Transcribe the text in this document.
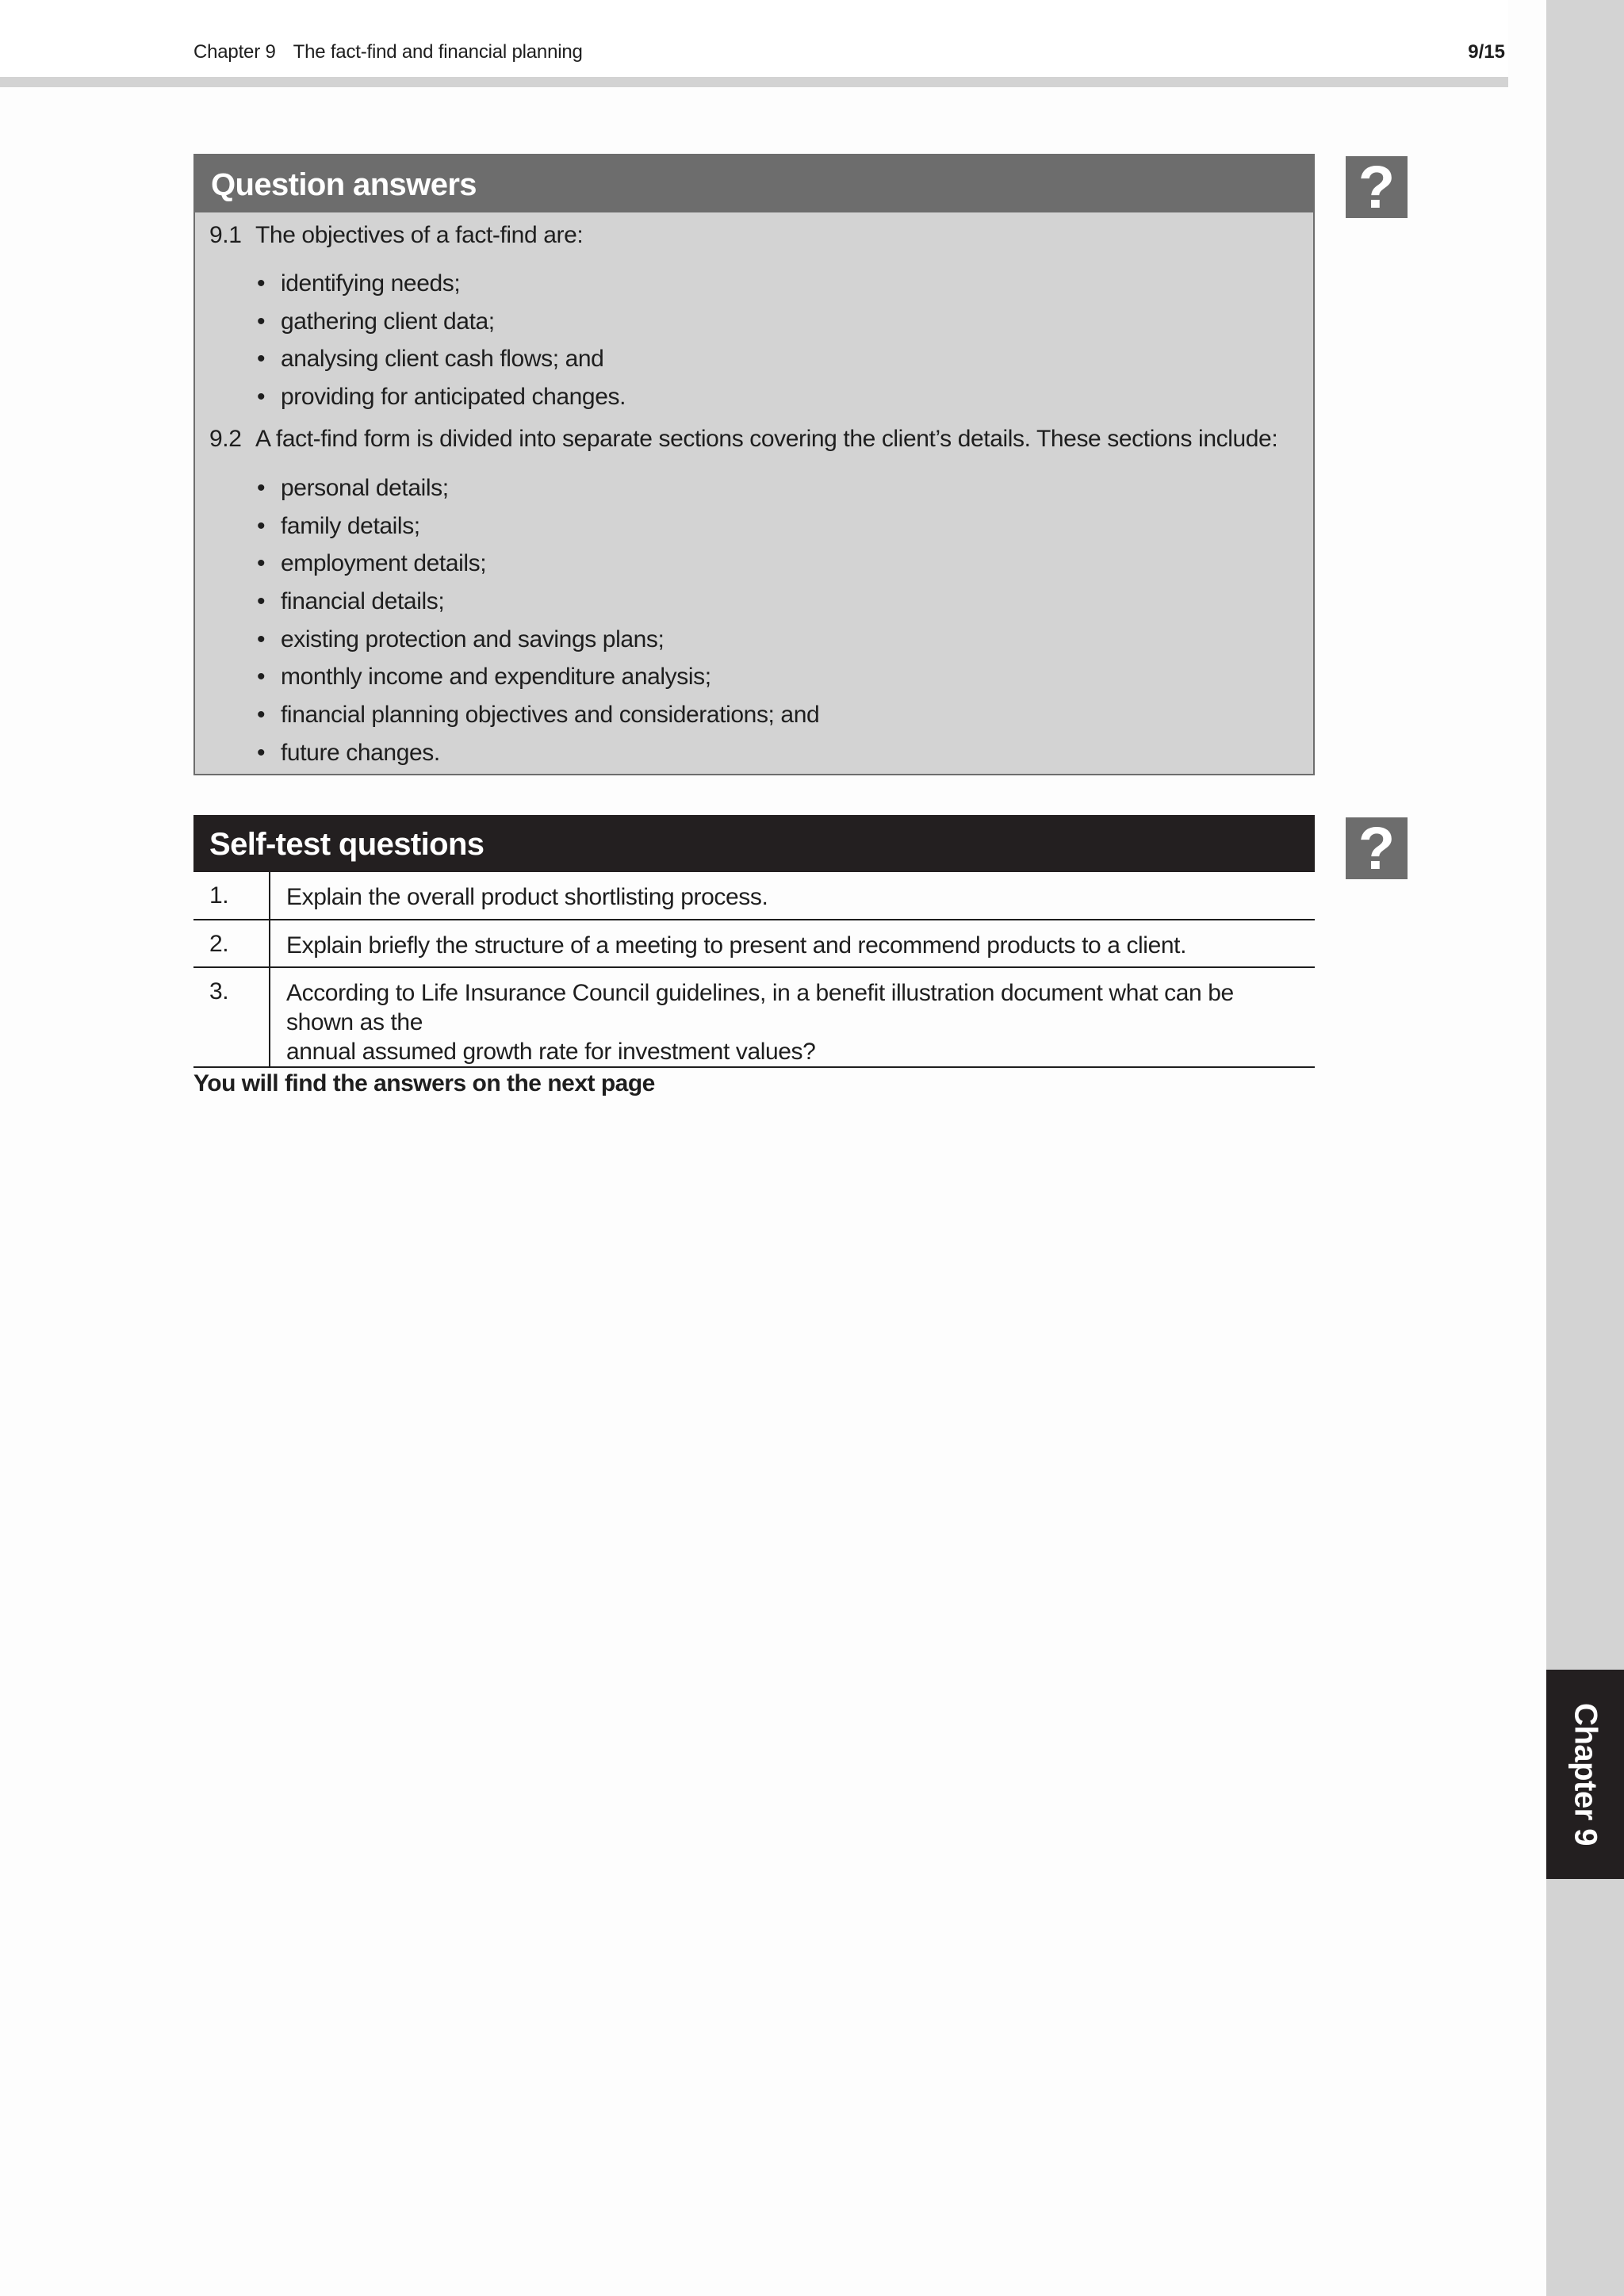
Chapter 9 The fact-find and financial planning	9/15
Chapter 9
Question answers
9.1 The objectives of a fact-find are:
• identifying needs;
• gathering client data;
• analysing client cash flows; and
• providing for anticipated changes.
9.2 A fact-find form is divided into separate sections covering the client’s details. These sections include:
• personal details;
• family details;
• employment details;
• financial details;
• existing protection and savings plans;
• monthly income and expenditure analysis;
• financial planning objectives and considerations; and
• future changes.
?
Self-test questions
1.	Explain the overall product shortlisting process.
2.	Explain briefly the structure of a meeting to present and recommend products to a client.
3.	According to Life Insurance Council guidelines, in a benefit illustration document what can be shown as the
annual assumed growth rate for investment values?
?
You will find the answers on the next page
